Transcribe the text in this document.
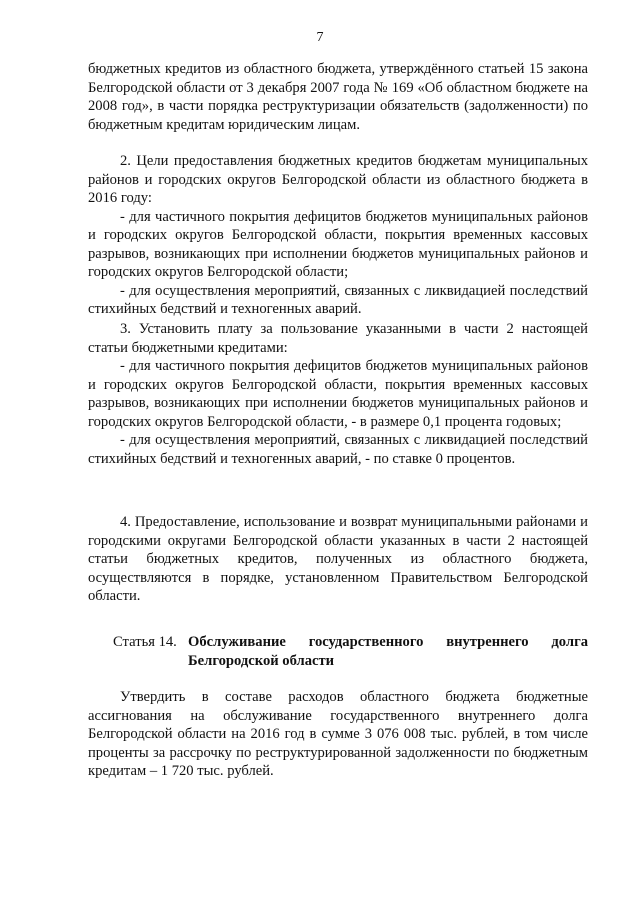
7

бюджетных кредитов из областного бюджета, утверждённого статьей 15 закона Белгородской области от 3 декабря 2007 года № 169 «Об областном бюджете на 2008 год», в части порядка реструктуризации обязательств (задолженности) по бюджетным кредитам юридическим лицам.

2. Цели предоставления бюджетных кредитов бюджетам муниципальных районов и городских округов Белгородской области из областного бюджета в 2016 году:

- для частичного покрытия дефицитов бюджетов муниципальных районов и городских округов Белгородской области, покрытия временных кассовых разрывов, возникающих при исполнении бюджетов муниципальных районов и городских округов Белгородской области;

- для осуществления мероприятий, связанных с ликвидацией последствий стихийных бедствий и техногенных аварий.

3. Установить плату за пользование указанными в части 2 настоящей статьи бюджетными кредитами:

- для частичного покрытия дефицитов бюджетов муниципальных районов и городских округов Белгородской области, покрытия временных кассовых разрывов, возникающих при исполнении бюджетов муниципальных районов и городских округов Белгородской области, - в размере 0,1 процента годовых;

- для осуществления мероприятий, связанных с ликвидацией последствий стихийных бедствий и техногенных аварий, - по ставке 0 процентов.

4. Предоставление, использование и возврат муниципальными районами и городскими округами Белгородской области указанных в части 2 настоящей статьи бюджетных кредитов, полученных из областного бюджета, осуществляются в порядке, установленном Правительством Белгородской области.

Статья 14. Обслуживание государственного внутреннего долга Белгородской области

Утвердить в составе расходов областного бюджета бюджетные ассигнования на обслуживание государственного внутреннего долга Белгородской области на 2016 год в сумме 3 076 008 тыс. рублей, в том числе проценты за рассрочку по реструктурированной задолженности по бюджетным кредитам – 1 720 тыс. рублей.
